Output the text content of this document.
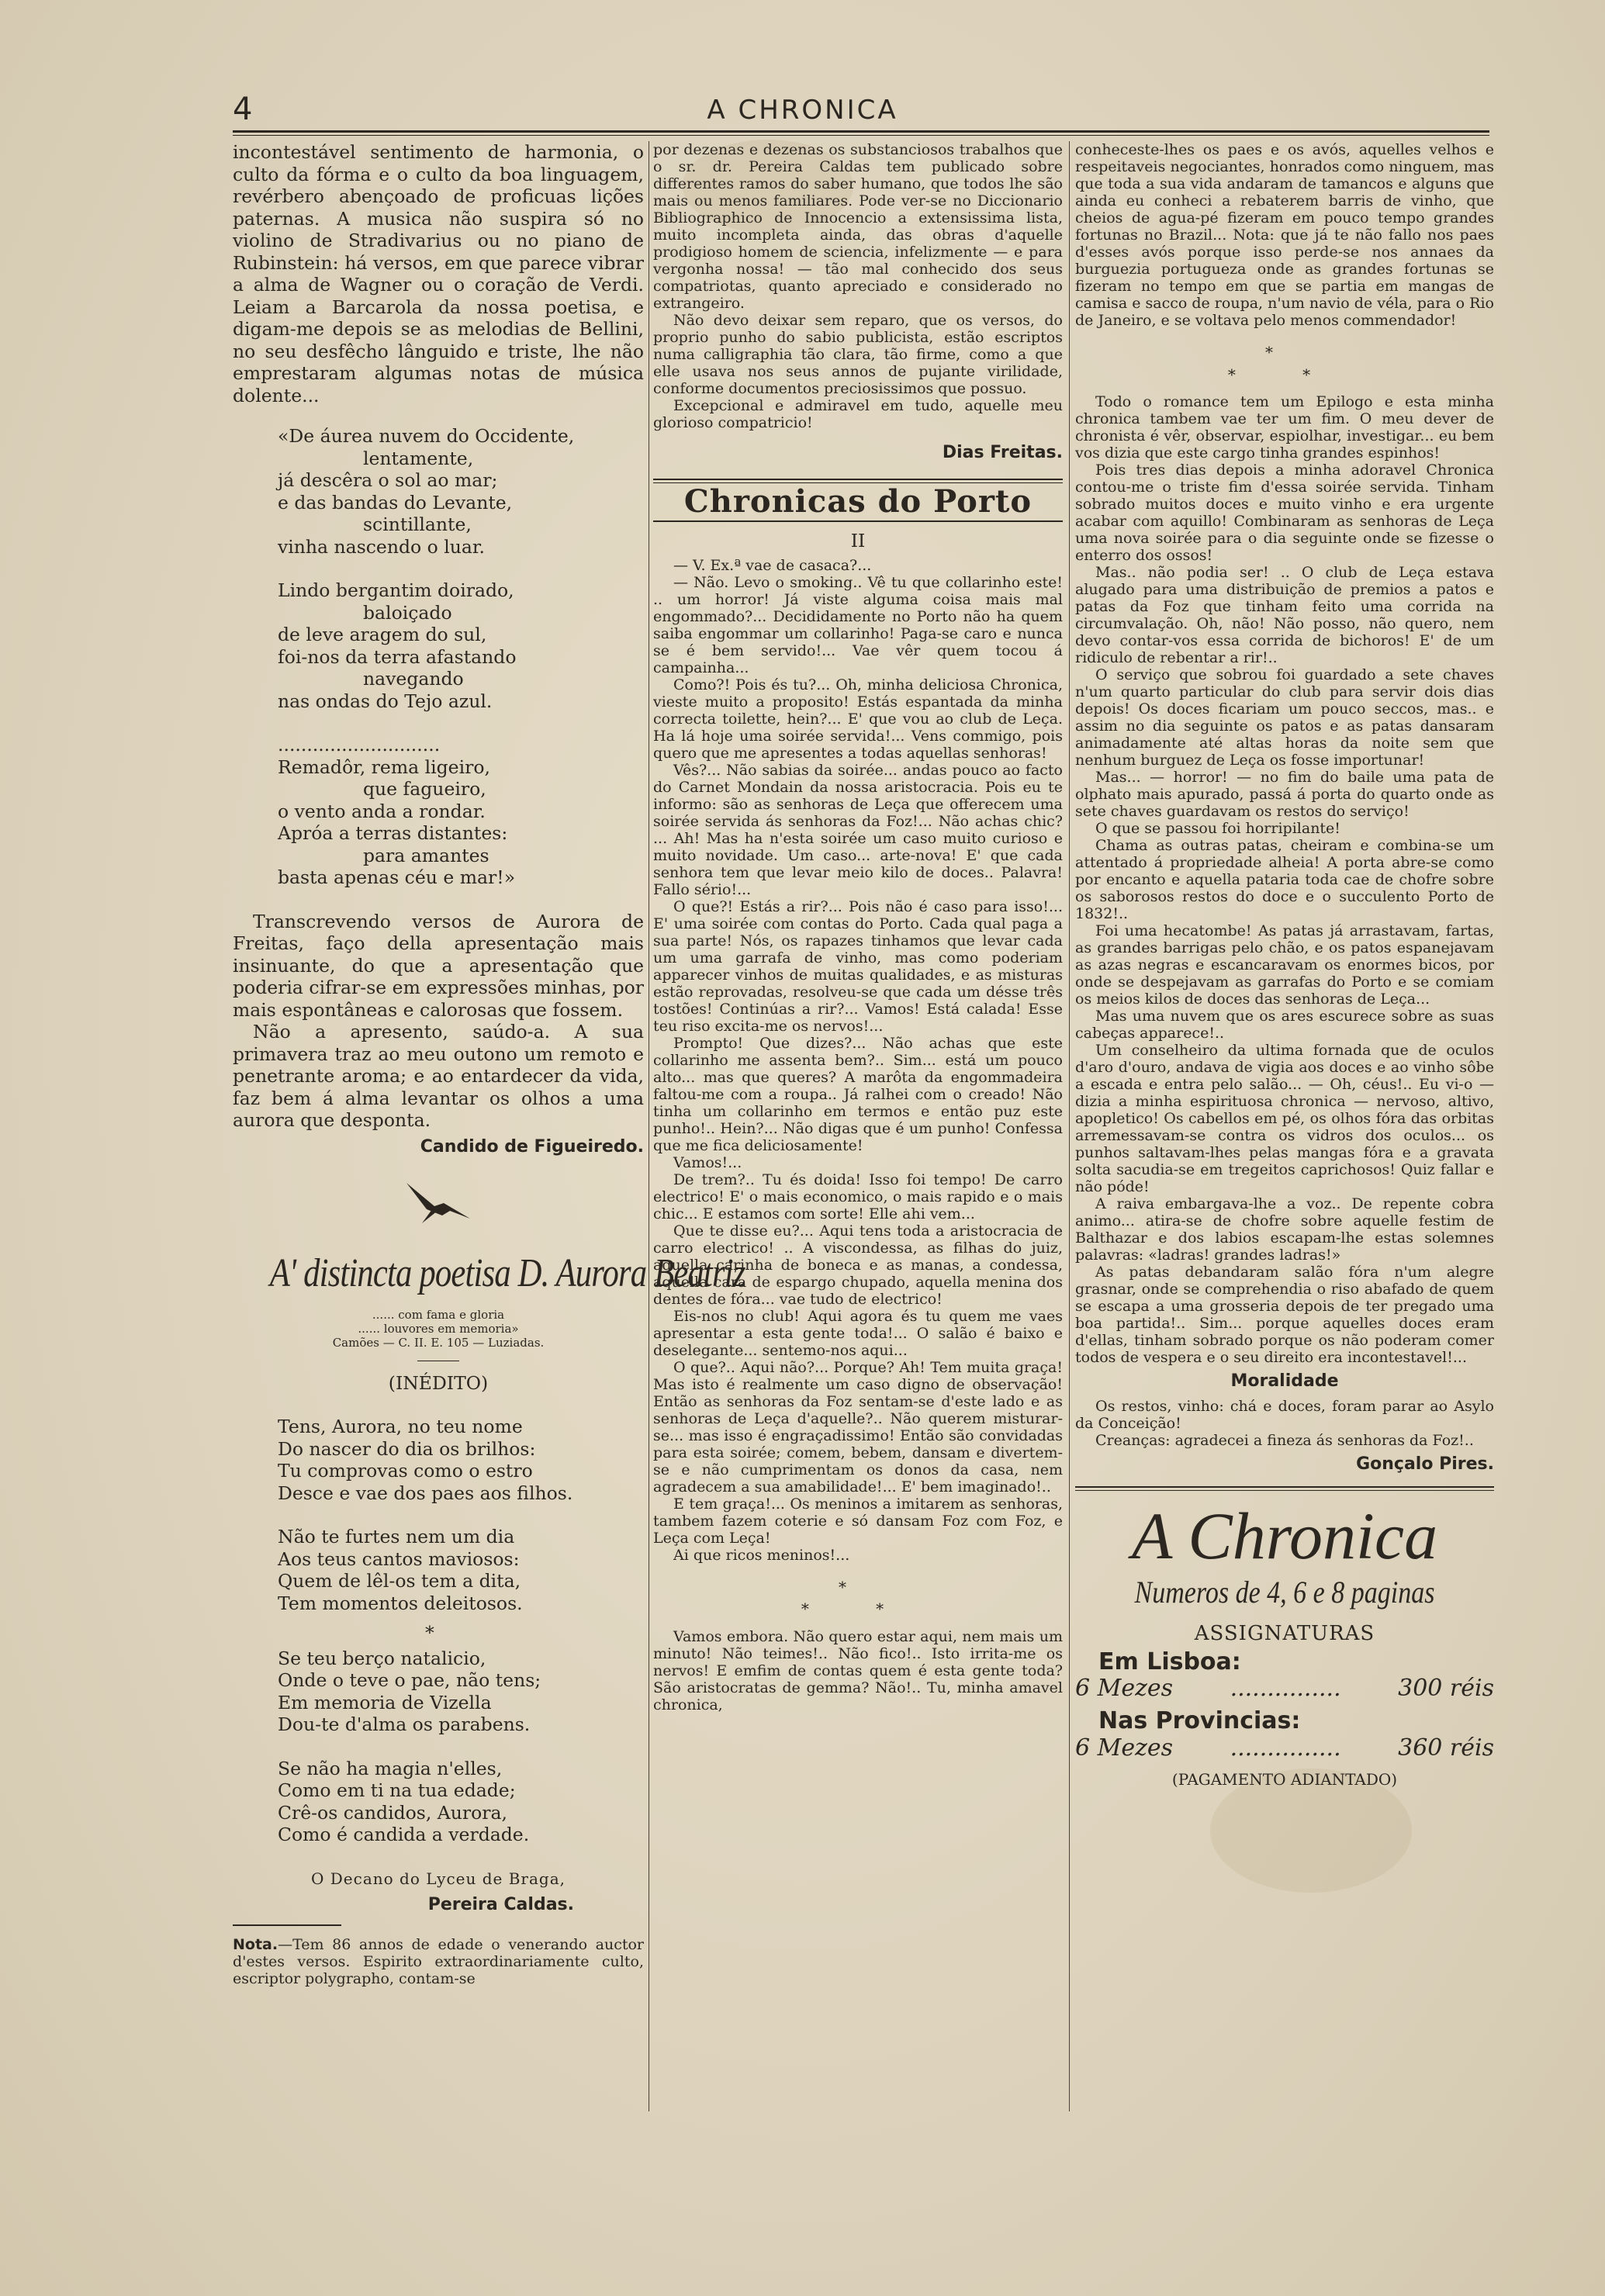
4	A CHRONICA

incontestável sentimento de harmonia, o culto da fórma e o culto da boa linguagem, revérbero abençoado de proficuas lições paternas. A musica não suspira só no violino de Stradivarius ou no piano de Rubinstein: há versos, em que parece vibrar a alma de Wagner ou o coração de Verdi. Leiam a Barcarola da nossa poetisa, e digam-me depois se as melodias de Bellini, no seu desfêcho lânguido e triste, lhe não emprestaram algumas notas de música dolente...

«De áurea nuvem do Occidente,
lentamente,
já descêra o sol ao mar;
e das bandas do Levante,
scintillante,
vinha nascendo o luar.
Lindo bergantim doirado,
baloiçado
de leve aragem do sul,
foi-nos da terra afastando
navegando
nas ondas do Tejo azul.
............................
Remadôr, rema ligeiro,
que fagueiro,
o vento anda a rondar.
Apróa a terras distantes:
para amantes
basta apenas céu e mar!»

Transcrevendo versos de Aurora de Freitas, faço della apresentação mais insinuante, do que a apresentação que poderia cifrar-se em expressões minhas, por mais espontâneas e calorosas que fossem.

Não a apresento, saúdo-a. A sua primavera traz ao meu outono um remoto e penetrante aroma; e ao entardecer da vida, faz bem á alma levantar os olhos a uma aurora que desponta.

Candido de Figueiredo.
A' distincta poetisa D. Aurora Beatriz
...... com fama e gloria
...... louvores em memoria»
Camões — C. II. E. 105 — Luziadas.
(INÉDITO)
Tens, Aurora, no teu nome
Do nascer do dia os brilhos:
Tu comprovas como o estro
Desce e vae dos paes aos filhos.
Não te furtes nem um dia
Aos teus cantos maviosos:
Quem de lêl-os tem a dita,
Tem momentos deleitosos.
*
Se teu berço natalicio,
Onde o teve o pae, não tens;
Em memoria de Vizella
Dou-te d'alma os parabens.
Se não ha magia n'elles,
Como em ti na tua edade;
Crê-os candidos, Aurora,
Como é candida a verdade.
O Decano do Lyceu de Braga,
Pereira Caldas.

Nota.—Tem 86 annos de edade o venerando auctor d'estes versos. Espirito extraordinariamente culto, escriptor polygrapho, contam-se

por dezenas e dezenas os substanciosos trabalhos que o sr. dr. Pereira Caldas tem publicado sobre differentes ramos do saber humano, que todos lhe são mais ou menos familiares. Pode ver-se no Diccionario Bibliographico de Innocencio a extensissima lista, muito incompleta ainda, das obras d'aquelle prodigioso homem de sciencia, infelizmente — e para vergonha nossa! — tão mal conhecido dos seus compatriotas, quanto apreciado e considerado no extrangeiro.

Não devo deixar sem reparo, que os versos, do proprio punho do sabio publicista, estão escriptos numa calligraphia tão clara, tão firme, como a que elle usava nos seus annos de pujante virilidade, conforme documentos preciosissimos que possuo.

Excepcional e admiravel em tudo, aquelle meu glorioso compatricio!

Dias Freitas.
Chronicas do Porto
II

— V. Ex.ª vae de casaca?...

— Não. Levo o smoking.. Vê tu que collarinho este! .. um horror! Já viste alguma coisa mais mal engommado?... Decididamente no Porto não ha quem saiba engommar um collarinho! Paga-se caro e nunca se é bem servido!... Vae vêr quem tocou á campainha...

Como?! Pois és tu?... Oh, minha deliciosa Chronica, vieste muito a proposito! Estás espantada da minha correcta toilette, hein?... E' que vou ao club de Leça. Ha lá hoje uma soirée servida!... Vens commigo, pois quero que me apresentes a todas aquellas senhoras!

Vês?... Não sabias da soirée... andas pouco ao facto do Carnet Mondain da nossa aristocracia. Pois eu te informo: são as senhoras de Leça que offerecem uma soirée servida ás senhoras da Foz!... Não achas chic? ... Ah! Mas ha n'esta soirée um caso muito curioso e muito novidade. Um caso... arte-nova! E' que cada senhora tem que levar meio kilo de doces.. Palavra! Fallo sério!...

O que?! Estás a rir?... Pois não é caso para isso!... E' uma soirée com contas do Porto. Cada qual paga a sua parte! Nós, os rapazes tinhamos que levar cada um uma garrafa de vinho, mas como poderiam apparecer vinhos de muitas qualidades, e as misturas estão reprovadas, resolveu-se que cada um désse três tostões! Continúas a rir?... Vamos! Está calada! Esse teu riso excita-me os nervos!...

Prompto! Que dizes?... Não achas que este collarinho me assenta bem?.. Sim... está um pouco alto... mas que queres? A marôta da engommadeira faltou-me com a roupa.. Já ralhei com o creado! Não tinha um collarinho em termos e então puz este punho!.. Hein?... Não digas que é um punho! Confessa que me fica deliciosamente!

Vamos!...

De trem?.. Tu és doida! Isso foi tempo! De carro electrico! E' o mais economico, o mais rapido e o mais chic... E estamos com sorte! Elle ahi vem...

Que te disse eu?... Aqui tens toda a aristocracia de carro electrico! .. A viscondessa, as filhas do juiz, aquella carinha de boneca e as manas, a condessa, aquella cara de espargo chupado, aquella menina dos dentes de fóra... vae tudo de electrico!

Eis-nos no club! Aqui agora és tu quem me vaes apresentar a esta gente toda!... O salão é baixo e deselegante... sentemo-nos aqui...

O que?.. Aqui não?... Porque? Ah! Tem muita graça! Mas isto é realmente um caso digno de observação! Então as senhoras da Foz sentam-se d'este lado e as senhoras de Leça d'aquelle?.. Não querem misturar-se... mas isso é engraçadissimo! Então são convidadas para esta soirée; comem, bebem, dansam e divertem-se e não cumprimentam os donos da casa, nem agradecem a sua amabilidade!... E' bem imaginado!..

E tem graça!... Os meninos a imitarem as senhoras, tambem fazem coterie e só dansam Foz com Foz, e Leça com Leça!

Ai que ricos meninos!...

*
* *

Vamos embora. Não quero estar aqui, nem mais um minuto! Não teimes!.. Não fico!.. Isto irrita-me os nervos! E emfim de contas quem é esta gente toda? São aristocratas de gemma? Não!.. Tu, minha amavel chronica,

conheceste-lhes os paes e os avós, aquelles velhos e respeitaveis negociantes, honrados como ninguem, mas que toda a sua vida andaram de tamancos e alguns que ainda eu conheci a rebaterem barris de vinho, que cheios de agua-pé fizeram em pouco tempo grandes fortunas no Brazil... Nota: que já te não fallo nos paes d'esses avós porque isso perde-se nos annaes da burguezia portugueza onde as grandes fortunas se fizeram no tempo em que se partia em mangas de camisa e sacco de roupa, n'um navio de véla, para o Rio de Janeiro, e se voltava pelo menos commendador!

*
* *

Todo o romance tem um Epilogo e esta minha chronica tambem vae ter um fim. O meu dever de chronista é vêr, observar, espiolhar, investigar... eu bem vos dizia que este cargo tinha grandes espinhos!

Pois tres dias depois a minha adoravel Chronica contou-me o triste fim d'essa soirée servida. Tinham sobrado muitos doces e muito vinho e era urgente acabar com aquillo! Combinaram as senhoras de Leça uma nova soirée para o dia seguinte onde se fizesse o enterro dos ossos!

Mas.. não podia ser! .. O club de Leça estava alugado para uma distribuição de premios a patos e patas da Foz que tinham feito uma corrida na circumvalação. Oh, não! Não posso, não quero, nem devo contar-vos essa corrida de bichoros! E' de um ridiculo de rebentar a rir!..

O serviço que sobrou foi guardado a sete chaves n'um quarto particular do club para servir dois dias depois! Os doces ficariam um pouco seccos, mas.. e assim no dia seguinte os patos e as patas dansaram animadamente até altas horas da noite sem que nenhum burguez de Leça os fosse importunar!

Mas... — horror! — no fim do baile uma pata de olphato mais apurado, passá á porta do quarto onde as sete chaves guardavam os restos do serviço!

O que se passou foi horripilante!

Chama as outras patas, cheiram e combina-se um attentado á propriedade alheia! A porta abre-se como por encanto e aquella pataria toda cae de chofre sobre os saborosos restos do doce e o succulento Porto de 1832!..

Foi uma hecatombe! As patas já arrastavam, fartas, as grandes barrigas pelo chão, e os patos espanejavam as azas negras e escancaravam os enormes bicos, por onde se despejavam as garrafas do Porto e se comiam os meios kilos de doces das senhoras de Leça...

Mas uma nuvem que os ares escurece sobre as suas cabeças apparece!..

Um conselheiro da ultima fornada que de oculos d'aro d'ouro, andava de vigia aos doces e ao vinho sôbe a escada e entra pelo salão... — Oh, céus!.. Eu vi-o — dizia a minha espirituosa chronica — nervoso, altivo, apopletico! Os cabellos em pé, os olhos fóra das orbitas arremessavam-se contra os vidros dos oculos... os punhos saltavam-lhes pelas mangas fóra e a gravata solta sacudia-se em tregeitos caprichosos! Quiz fallar e não póde!

A raiva embargava-lhe a voz.. De repente cobra animo... atira-se de chofre sobre aquelle festim de Balthazar e dos labios escapam-lhe estas solemnes palavras: «ladras! grandes ladras!»

As patas debandaram salão fóra n'um alegre grasnar, onde se comprehendia o riso abafado de quem se escapa a uma grosseria depois de ter pregado uma boa partida!.. Sim... porque aquelles doces eram d'ellas, tinham sobrado porque os não poderam comer todos de vespera e o seu direito era incontestavel!...

Moralidade

Os restos, vinho: chá e doces, foram parar ao Asylo da Conceição!

Creanças: agradecei a fineza ás senhoras da Foz!..

Gonçalo Pires.
A Chronica
Numeros de 4, 6 e 8 paginas
ASSIGNATURAS
Em Lisboa:
6 Mezes ............... 300 réis
Nas Provincias:
6 Mezes ............... 360 réis
(PAGAMENTO ADIANTADO)
